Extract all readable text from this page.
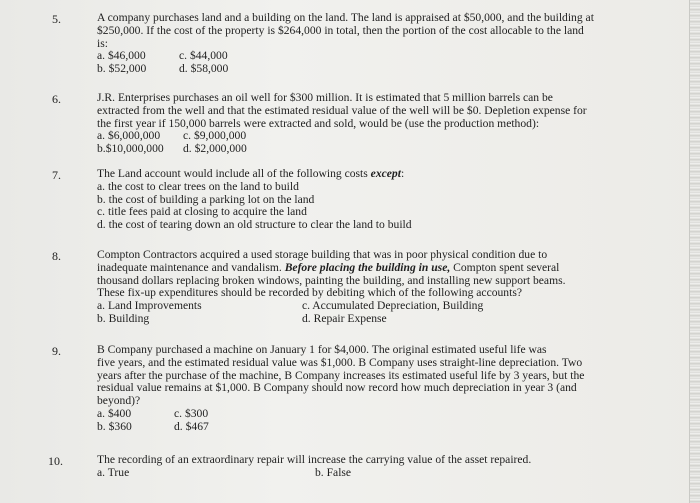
5.	A company purchases land and a building on the land. The land is appraised at $50,000, and the building at
$250,000. If the cost of the property is $264,000 in total, then the portion of the cost allocable to the land
is:
a. $46,000	c. $44,000
b. $52,000	d. $58,000
6.	J.R. Enterprises purchases an oil well for $300 million. It is estimated that 5 million barrels can be
extracted from the well and that the estimated residual value of the well will be $0. Depletion expense for
the first year if 150,000 barrels were extracted and sold, would be (use the production method):
a. $6,000,000 c. $9,000,000
b.$10,000,000 d. $2,000,000
7.	The Land account would include all of the following costs except:
a. the cost to clear trees on the land to build
b. the cost of building a parking lot on the land
c. title fees paid at closing to acquire the land
d. the cost of tearing down an old structure to clear the land to build
8.	Compton Contractors acquired a used storage building that was in poor physical condition due to
inadequate maintenance and vandalism. Before placing the building in use, Compton spent several
thousand dollars replacing broken windows, painting the building, and installing new support beams.
These fix-up expenditures should be recorded by debiting which of the following accounts?
a. Land Improvements	c. Accumulated Depreciation, Building
b. Building	d. Repair Expense
9.	B Company purchased a machine on January 1 for $4,000. The original estimated useful life was
five years, and the estimated residual value was $1,000. B Company uses straight-line depreciation. Two
years after the purchase of the machine, B Company increases its estimated useful life by 3 years, but the
residual value remains at $1,000. B Company should now record how much depreciation in year 3 (and
beyond)?
a. $400	c. $300
b. $360	d. $467
10.	The recording of an extraordinary repair will increase the carrying value of the asset repaired.
a. True	b. False
